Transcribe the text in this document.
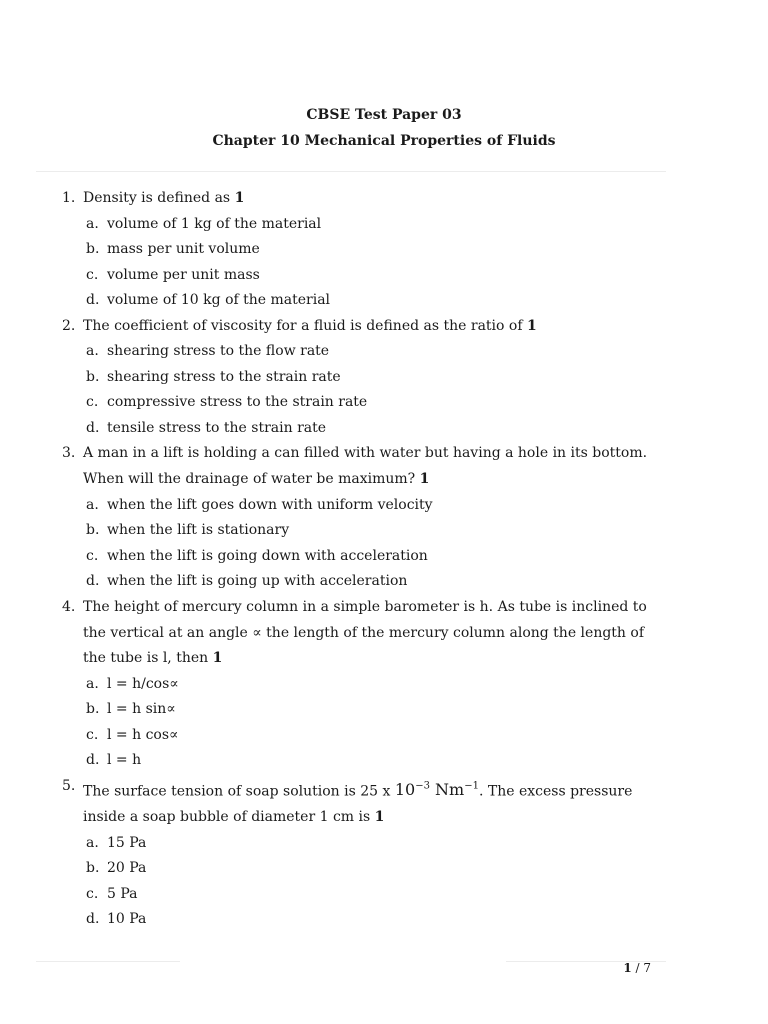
CBSE Test Paper 03
Chapter 10 Mechanical Properties of Fluids
1. Density is defined as 1
a. volume of 1 kg of the material
b. mass per unit volume
c. volume per unit mass
d. volume of 10 kg of the material
2. The coefficient of viscosity for a fluid is defined as the ratio of 1
a. shearing stress to the flow rate
b. shearing stress to the strain rate
c. compressive stress to the strain rate
d. tensile stress to the strain rate
3. A man in a lift is holding a can filled with water but having a hole in its bottom. When will the drainage of water be maximum? 1
a. when the lift goes down with uniform velocity
b. when the lift is stationary
c. when the lift is going down with acceleration
d. when the lift is going up with acceleration
4. The height of mercury column in a simple barometer is h. As tube is inclined to the vertical at an angle ∝ the length of the mercury column along the length of the tube is l, then 1
a. l = h/cos∝
b. l = h sin∝
c. l = h cos∝
d. l = h
5. The surface tension of soap solution is 25 x $10^{-3}$ $Nm^{-1}$. The excess pressure inside a soap bubble of diameter 1 cm is 1
a. 15 Pa
b. 20 Pa
c. 5 Pa
d. 10 Pa
1 / 7
